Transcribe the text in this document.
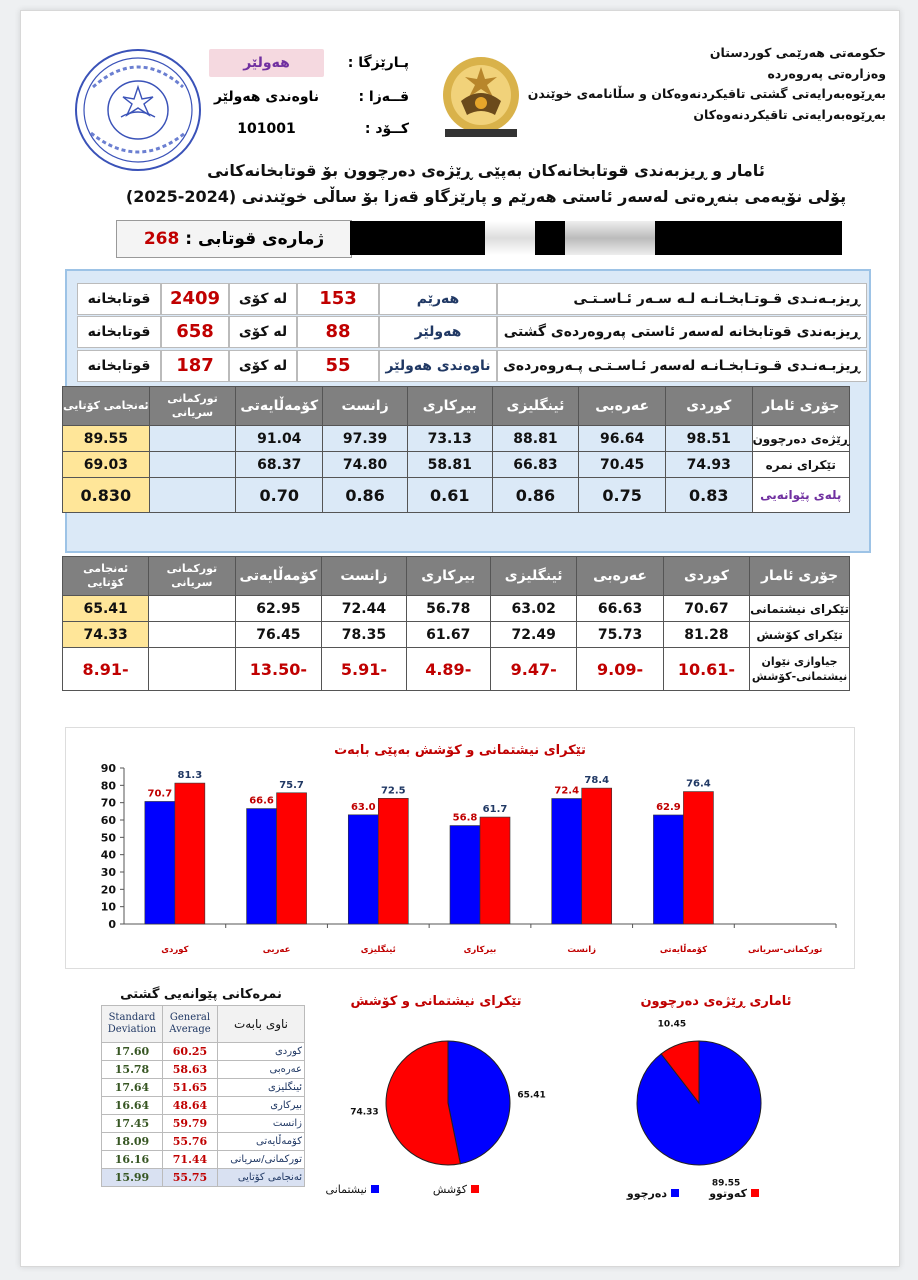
حکومەتی هەرێمی کوردستان
وەزارەتی پەروەردە
بەڕێوەبەرایەتی گشتی تاقیکردنەوەکان و سڵانامەی خوێندن
بەڕێوەبەرایەتی تاقیکردنەوەکان
پـارێزگا :
هەولێر
قــەزا :
ناوەندی هەولێر
کــۆد :
101001
ئامار و ڕیزبەندی قوتابخانەکان بەپێی ڕێژەی دەرچوون بۆ قوتابخانەکانی
پۆلی نۆیەمی بنەڕەتی لەسەر ئاستی هەرێم و پارێزگاو قەزا بۆ ساڵی خوێندنی (2024-2025)
ژمارەی قوتابی : 268
جۆری ئامار	کوردی	عەرەبی	ئینگلیزی	بیرکاری	زانست	کۆمەڵایەتی	تورکمانی سریانی	ئەنجامی کۆتایی
ڕێژەی دەرچوون	98.51	96.64	88.81	73.13	97.39	91.04		89.55
تێکرای نمرە	74.93	70.45	66.83	58.81	74.80	68.37		69.03
پلەی پێوانەیی	0.83	0.75	0.86	0.61	0.86	0.70		0.830
جۆری ئامار	کوردی	عەرەبی	ئینگلیزی	بیرکاری	زانست	کۆمەڵایەتی	تورکمانی سریانی	ئەنجامی کۆتایی
تێکرای نیشتمانی	70.67	66.63	63.02	56.78	72.44	62.95		65.41
تێکرای کۆشش	81.28	75.73	72.49	61.67	78.35	76.45		74.33
جیاوازی نێوان نیشتمانی-کۆشش	-10.61	-9.09	-9.47	-4.89	-5.91	-13.50		-8.91
تێکرای نیشتمانی و کۆشش بەپێی بابەت
0
10
20
30
40
50
60
70
80
90
کوردی
70.7
81.3
عەربی
66.6
75.7
ئینگلیزی
63.0
72.5
بیرکاری
56.8
61.7
زانست
72.4
78.4
کۆمەڵایەتی
62.9
76.4
تورکمانی-سریانی
نمرەکانی پێوانەیی گشتی
Standard Deviation	General Average	ناوی بابەت
17.60	60.25	کوردی
15.78	58.63	عەرەبی
17.64	51.65	ئینگلیزی
16.64	48.64	بیرکاری
17.45	59.79	زانست
18.09	55.76	کۆمەڵایەتی
16.16	71.44	تورکمانی/سریانی
15.99	55.75	ئەنجامی کۆتایی
تێکرای نیشتمانی و کۆشش
65.41
74.33
نیشتمانی	کۆشش
ئاماری ڕێژەی دەرچوون
89.55
10.45
دەرچوو	کەوتوو
قوتابخانه	2409	له كۆی	153	هەرێم	ڕیزبـەنـدی قـوتـابخـانـه لـه سـەر ئـاسـتـی
قوتابخانه	658	له كۆی	88	هەولێر	ڕیزبەندی قوتابخانه لەسەر ئاستی پەروەردەی گشتی
قوتابخانه	187	له كۆی	55	ناوەندی هەولێر ڕیزبـەنـدی قـوتـابخـانـه لەسەر ئـاسـتـی پـەروەردەی
